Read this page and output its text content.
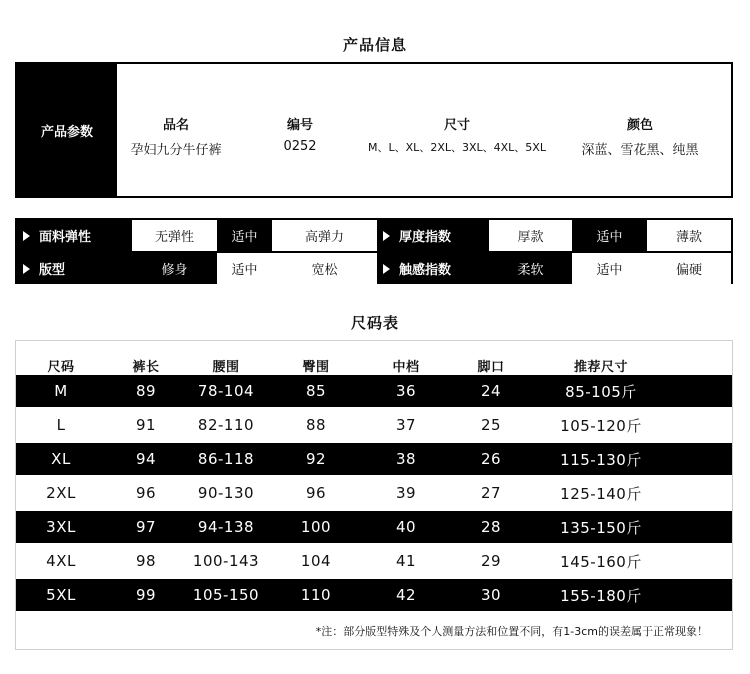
产品信息
产品参数	品名
孕妇九分牛仔裤
编号
0252
尺寸
M、L、XL、2XL、3XL、4XL、5XL
颜色
深蓝、雪花黑、纯黑
面料弹性	无弹性	适中	高弹力	厚度指数	厚款	适中	薄款
版型	修身	适中	宽松	触感指数	柔软	适中	偏硬
尺码表
尺码	裤长	腰围	臀围	中档	脚口	推荐尺寸
M	89	78-104	85	36	24	85-105斤
L	91	82-110	88	37	25	105-120斤
XL	94	86-118	92	38	26	115-130斤
2XL	96	90-130	96	39	27	125-140斤
3XL	97	94-138	100	40	28	135-150斤
4XL	98	100-143	104	41	29	145-160斤
5XL	99	105-150	110	42	30	155-180斤
*注：部分版型特殊及个人测量方法和位置不同，有1-3cm的误差属于正常现象！
